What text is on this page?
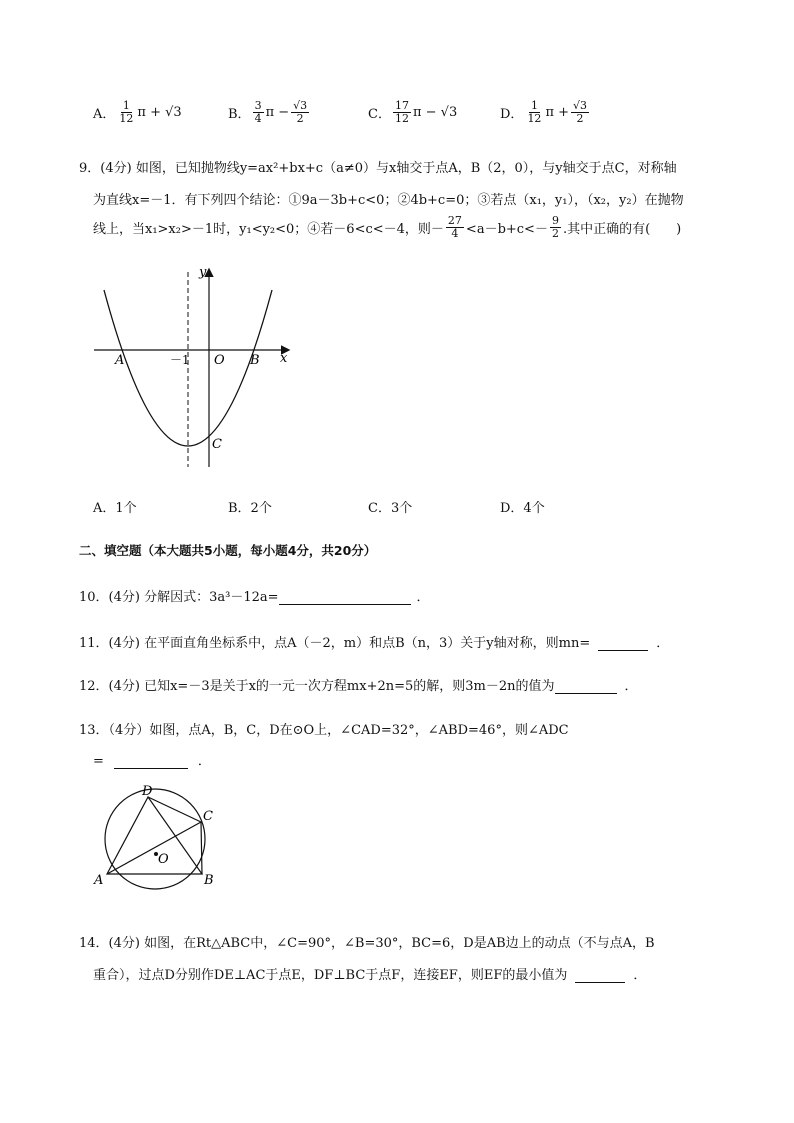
A． $\frac{1}{12}$ π + √3	B． $\frac{3}{4}$ $\pi - \frac{√3}{2}$	C． $\frac{17}{12}$ π − √3	D． $\frac{1}{12}$ $\pi + \frac{√3}{2}$
9．(4分) 如图，已知抛物线y=ax²+bx+c（a≠0）与x轴交于点A，B（2，0），与y轴交于点C，对称轴
为直线x=－1．有下列四个结论：①9a－3b+c<0；②4b+c=0；③若点（x₁，y₁），（x₂，y₂）在抛物
线上，当x₁>x₂>－1时，y₁<y₂<0；④若－6<c<－4，则－ $\frac{27}{4} <a-b+c<- \frac{9}{2}$ .其中正确的有(　　)
y
x
A	B
O
C
－1
A．1个	B．2个	C．3个	D．4个
二、填空题（本大题共5小题，每小题4分，共20分）
10．(4分) 分解因式：3a³－12a=	．
11．(4分) 在平面直角坐标系中，点A（－2，m）和点B（n，3）关于y轴对称，则mn=	．
12．(4分) 已知x=－3是关于x的一元一次方程mx+2n=5的解，则3m－2n的值为	．
13．（4分）如图，点A，B，C，D在⊙O上，∠CAD=32°，∠ABD=46°，则∠ADC
=	．
D
C
O
A	B
14．(4分) 如图，在Rt△ABC中，∠C=90°，∠B=30°，BC=6，D是AB边上的动点（不与点A，B
重合），过点D分别作DE⊥AC于点E，DF⊥BC于点F，连接EF，则EF的最小值为	．
